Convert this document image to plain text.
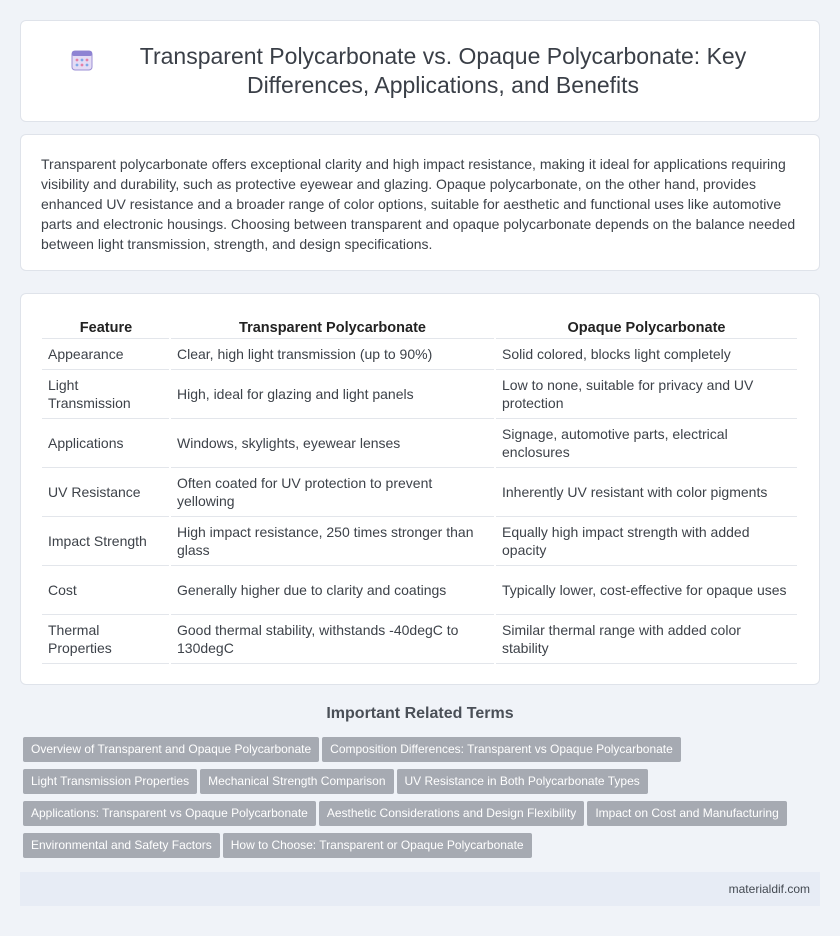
Transparent Polycarbonate vs. Opaque Polycarbonate: Key Differences, Applications, and Benefits

Transparent polycarbonate offers exceptional clarity and high impact resistance, making it ideal for applications requiring visibility and durability, such as protective eyewear and glazing. Opaque polycarbonate, on the other hand, provides enhanced UV resistance and a broader range of color options, suitable for aesthetic and functional uses like automotive parts and electronic housings. Choosing between transparent and opaque polycarbonate depends on the balance needed between light transmission, strength, and design specifications.

Feature	Transparent Polycarbonate	Opaque Polycarbonate
Appearance	Clear, high light transmission (up to 90%)	Solid colored, blocks light completely
Light Transmission	High, ideal for glazing and light panels	Low to none, suitable for privacy and UV protection
Applications	Windows, skylights, eyewear lenses	Signage, automotive parts, electrical enclosures
UV Resistance	Often coated for UV protection to prevent yellowing	Inherently UV resistant with color pigments
Impact Strength	High impact resistance, 250 times stronger than glass	Equally high impact strength with added opacity
Cost	Generally higher due to clarity and coatings	Typically lower, cost-effective for opaque uses
Thermal Properties	Good thermal stability, withstands -40degC to 130degC	Similar thermal range with added color stability
Important Related Terms
Overview of Transparent and Opaque Polycarbonate Composition Differences: Transparent vs Opaque Polycarbonate Light Transmission Properties Mechanical Strength Comparison UV Resistance in Both Polycarbonate Types Applications: Transparent vs Opaque Polycarbonate Aesthetic Considerations and Design Flexibility Impact on Cost and Manufacturing Environmental and Safety Factors How to Choose: Transparent or Opaque Polycarbonate
materialdif.com
